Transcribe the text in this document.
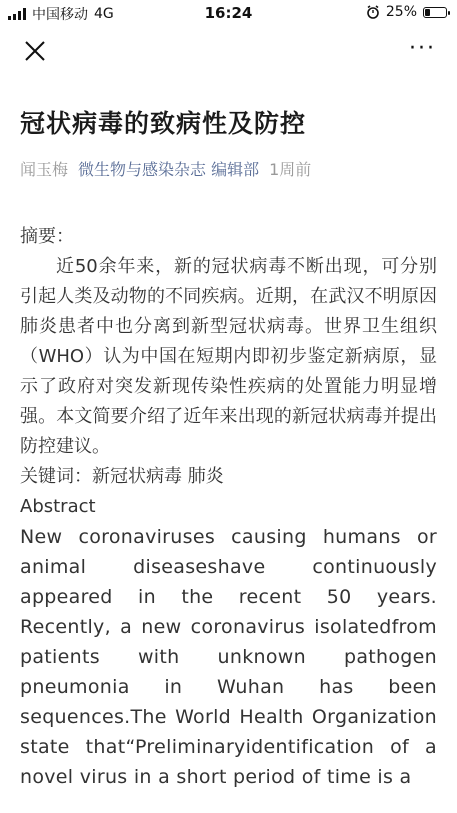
中国移动 4G	16:24	25%
···
冠状病毒的致病性及防控
闻玉梅 微生物与感染杂志 编辑部 1周前

摘要：

近50余年来，新的冠状病毒不断出现，可分别引起人类及动物的不同疾病。近期，在武汉不明原因肺炎患者中也分离到新型冠状病毒。世界卫生组织（WHO）认为中国在短期内即初步鉴定新病原，显示了政府对突发新现传染性疾病的处置能力明显增强。本文简要介绍了近年来出现的新冠状病毒并提出防控建议。

关键词：新冠状病毒 肺炎

Abstract

New coronaviruses causing humans or animal diseaseshave continuously appeared in the recent 50 years. Recently, a new coronavirus isolatedfrom patients with unknown pathogen pneumonia in Wuhan has been sequences.The World Health Organization state that“Preliminaryidentification of a novel virus in a short period of time is a
